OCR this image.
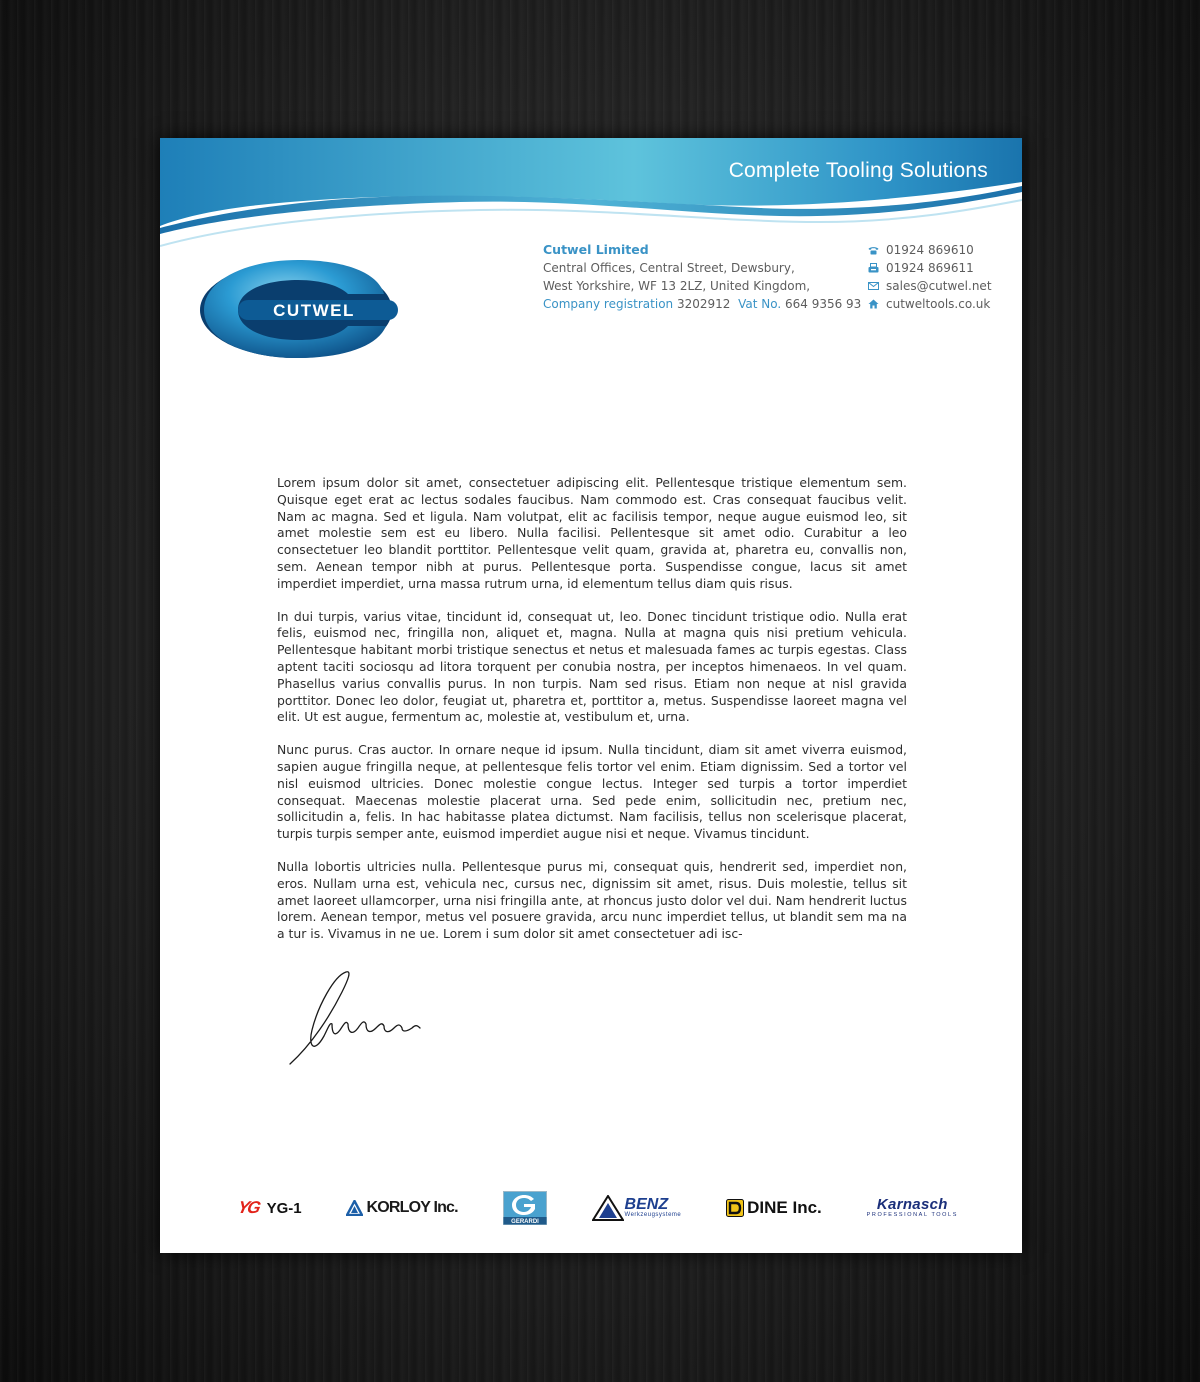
Complete Tooling Solutions
CUTWEL
Cutwel Limited
Central Offices, Central Street, Dewsbury,
West Yorkshire, WF 13 2LZ, United Kingdom,
Company registration 3202912 Vat No. 664 9356 93
01924 869610
01924 869611
sales@cutwel.net
cutweltools.co.uk

Lorem ipsum dolor sit amet, consectetuer adipiscing elit. Pellentesque tristique elementum sem. Quisque eget erat ac lectus sodales faucibus. Nam commodo est. Cras consequat faucibus velit. Nam ac magna. Sed et ligula. Nam volutpat, elit ac facilisis tempor, neque augue euismod leo, sit amet molestie sem est eu libero. Nulla facilisi. Pellentesque sit amet odio. Curabitur a leo consectetuer leo blandit porttitor. Pellentesque velit quam, gravida at, pharetra eu, convallis non, sem. Aenean tempor nibh at purus. Pellentesque porta. Suspendisse congue, lacus sit amet imperdiet imperdiet, urna massa rutrum urna, id elementum tellus diam quis risus.

In dui turpis, varius vitae, tincidunt id, consequat ut, leo. Donec tincidunt tristique odio. Nulla erat felis, euismod nec, fringilla non, aliquet et, magna. Nulla at magna quis nisi pretium vehicula. Pellentesque habitant morbi tristique senectus et netus et malesuada fames ac turpis egestas. Class aptent taciti sociosqu ad litora torquent per conubia nostra, per inceptos himenaeos. In vel quam. Phasellus varius convallis purus. In non turpis. Nam sed risus. Etiam non neque at nisl gravida porttitor. Donec leo dolor, feugiat ut, pharetra et, porttitor a, metus. Suspendisse laoreet magna vel elit. Ut est augue, fermentum ac, molestie at, vestibulum et, urna.

Nunc purus. Cras auctor. In ornare neque id ipsum. Nulla tincidunt, diam sit amet viverra euismod, sapien augue fringilla neque, at pellentesque felis tortor vel enim. Etiam dignissim. Sed a tortor vel nisl euismod ultricies. Donec molestie congue lectus. Integer sed turpis a tortor imperdiet consequat. Maecenas molestie placerat urna. Sed pede enim, sollicitudin nec, pretium nec, sollicitudin a, felis. In hac habitasse platea dictumst. Nam facilisis, tellus non scelerisque placerat, turpis turpis semper ante, euismod imperdiet augue nisi et neque. Vivamus tincidunt.

Nulla lobortis ultricies nulla. Pellentesque purus mi, consequat quis, hendrerit sed, imperdiet non, eros. Nullam urna est, vehicula nec, cursus nec, dignissim sit amet, risus. Duis molestie, tellus sit amet laoreet ullamcorper, urna nisi fringilla ante, at rhoncus justo dolor vel dui. Nam hendrerit luctus lorem. Aenean tempor, metus vel posuere gravida, arcu nunc imperdiet tellus, ut blandit sem ma na a tur is. Vivamus in ne ue. Lorem i sum dolor sit amet consectetuer adi isc-

YG YG-1	KORLOY Inc.
GERARDI
BENZ
Werkzeugsysteme	DINE Inc.	Karnasch
PROFESSIONAL TOOLS
